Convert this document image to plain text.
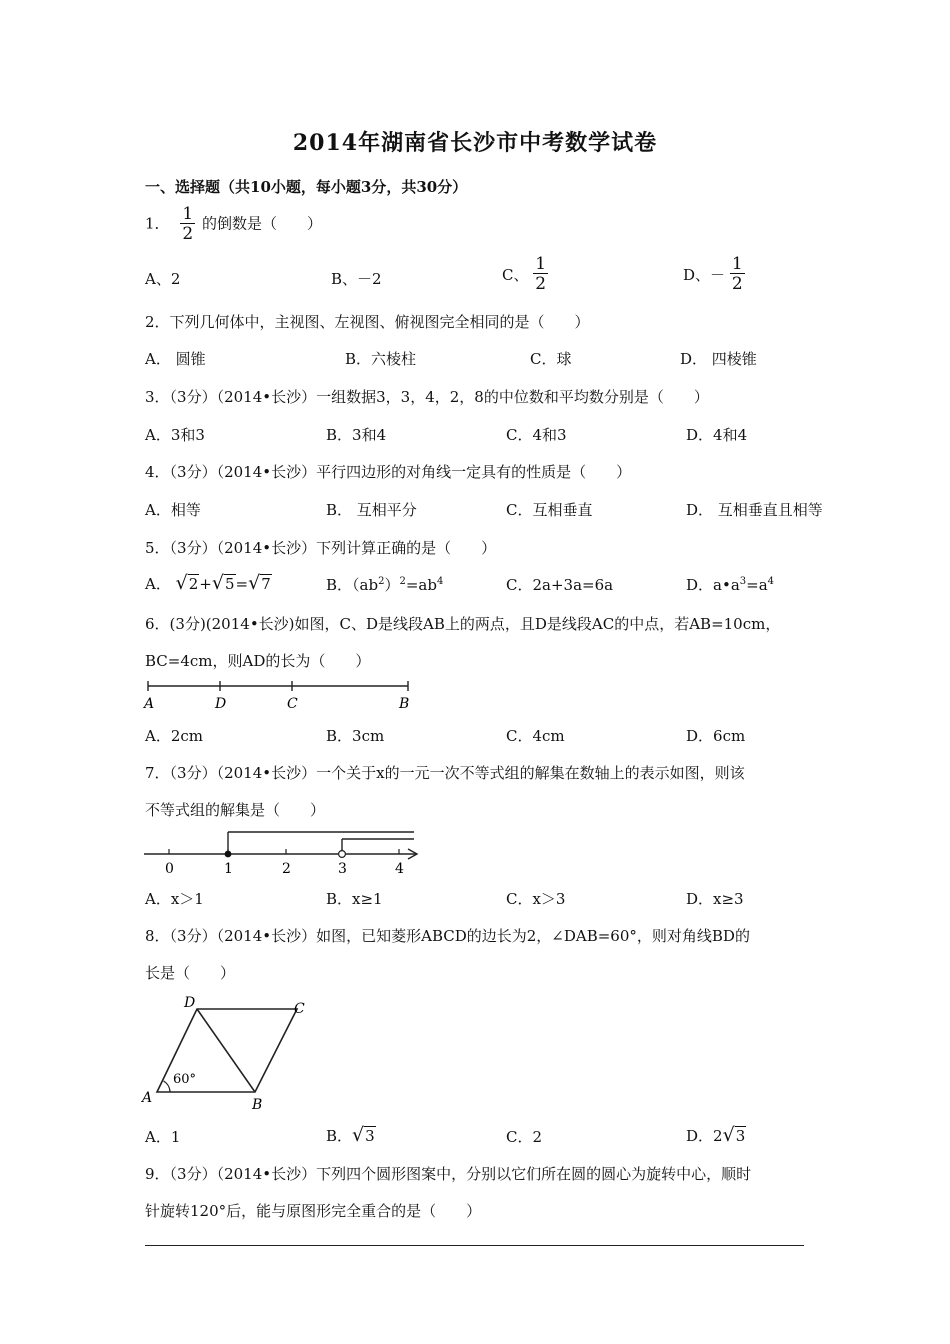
2014年湖南省长沙市中考数学试卷
一、选择题（共10小题，每小题3分，共30分）
1． $\frac{1}{2}$ 的倒数是（　　）
A、2	B、－2	C、 $\frac{1}{2}$	D、－ $\frac{1}{2}$
2．下列几何体中，主视图、左视图、俯视图完全相同的是（　　）
A． 圆锥	B．六棱柱	C．球	D． 四棱锥
3．（3分）（2014•长沙）一组数据3，3，4，2，8的中位数和平均数分别是（　　）
A．3和3	B．3和4	C．4和3	D．4和4
4．（3分）（2014•长沙）平行四边形的对角线一定具有的性质是（　　）
A．相等	B． 互相平分	C．互相垂直	D． 互相垂直且相等
5．（3分）（2014•长沙）下列计算正确的是（　　）
A． √2+√5=√7	B．$(ab^2)^2=ab^4$	C．2a+3a=6a	D．$a•a^3=a^4$
6．(3分)(2014•长沙)如图，C、D是线段AB上的两点，且D是线段AC的中点，若AB=10cm，
BC=4cm，则AD的长为（　　）
A	D	C	B
A．2cm	B．3cm	C．4cm	D．6cm
7．（3分）（2014•长沙）一个关于x的一元一次不等式组的解集在数轴上的表示如图，则该
不等式组的解集是（　　）
0	1	2	3	4
A．x＞1	B．x≥1	C．x＞3	D．x≥3
8．（3分）（2014•长沙）如图，已知菱形ABCD的边长为2，∠DAB=60°，则对角线BD的
长是（　　）
60°
A	B
C
D
A．1	B．√3	C．2	D．2√3
9．（3分）（2014•长沙）下列四个圆形图案中，分别以它们所在圆的圆心为旋转中心，顺时
针旋转120°后，能与原图形完全重合的是（　　）
